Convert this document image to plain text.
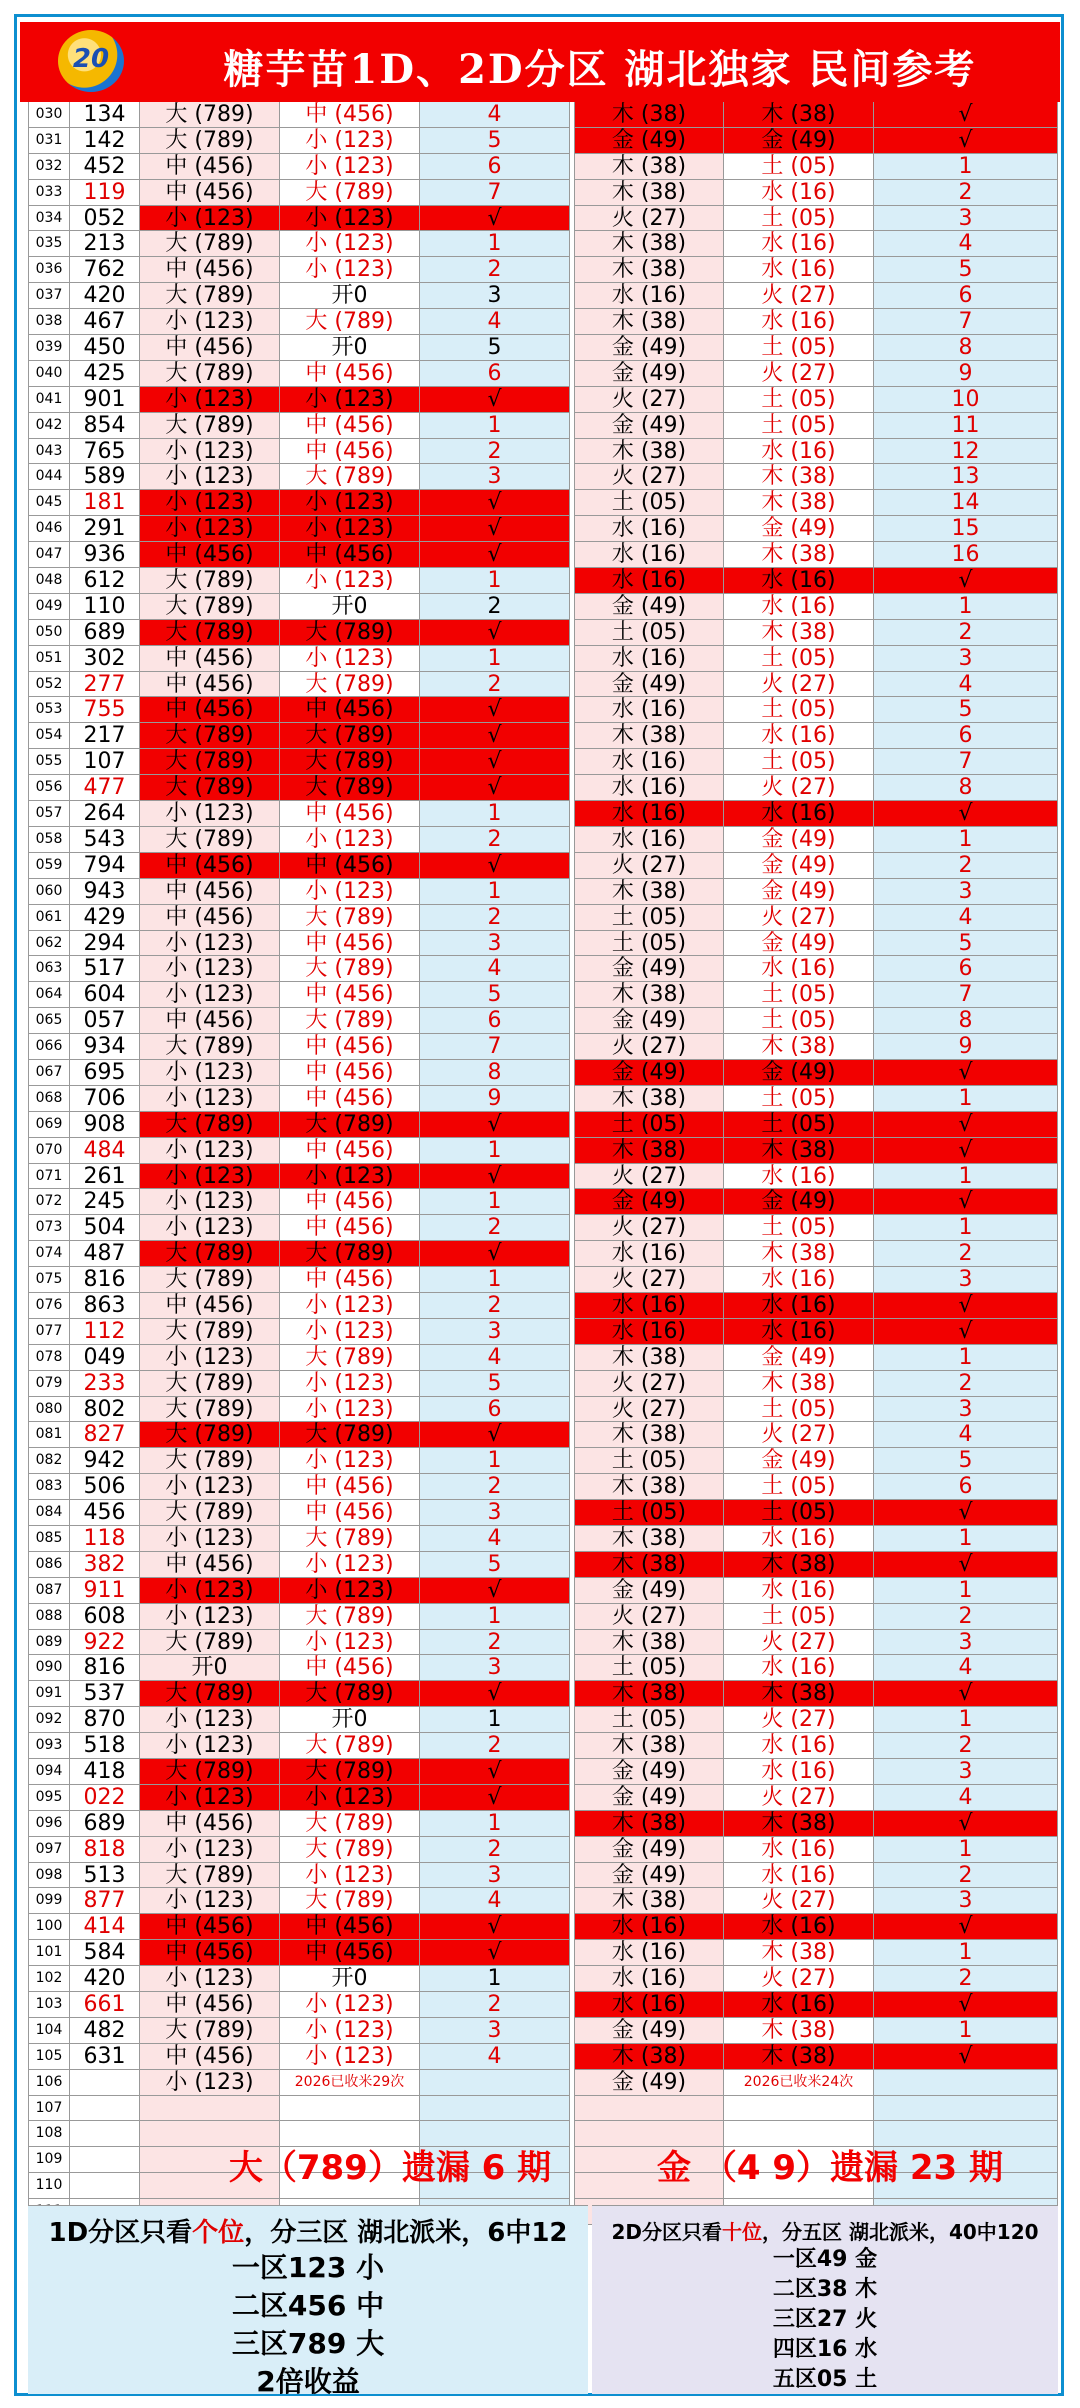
20	糖芋苗1D、2D分区 湖北独家 民间参考
030 134	大 (789)	中 (456)	4	木 (38)	木 (38)	√
031 142	大 (789)	小 (123)	5	金 (49)	金 (49)	√
032 452	中 (456)	小 (123)	6	木 (38)	土 (05)	1
033 119	中 (456)	大 (789)	7	木 (38)	水 (16)	2
034 052	小 (123)	小 (123)	√	火 (27)	土 (05)	3
035 213	大 (789)	小 (123)	1	木 (38)	水 (16)	4
036 762	中 (456)	小 (123)	2	木 (38)	水 (16)	5
037 420	大 (789)	开0	3	水 (16)	火 (27)	6
038 467	小 (123)	大 (789)	4	木 (38)	水 (16)	7
039 450	中 (456)	开0	5	金 (49)	土 (05)	8
040 425	大 (789)	中 (456)	6	金 (49)	火 (27)	9
041 901	小 (123)	小 (123)	√	火 (27)	土 (05)	10
042 854	大 (789)	中 (456)	1	金 (49)	土 (05)	11
043 765	小 (123)	中 (456)	2	木 (38)	水 (16)	12
044 589	小 (123)	大 (789)	3	火 (27)	木 (38)	13
045 181	小 (123)	小 (123)	√	土 (05)	木 (38)	14
046 291	小 (123)	小 (123)	√	水 (16)	金 (49)	15
047 936	中 (456)	中 (456)	√	水 (16)	木 (38)	16
048 612	大 (789)	小 (123)	1	水 (16)	水 (16)	√
049 110	大 (789)	开0	2	金 (49)	水 (16)	1
050 689	大 (789)	大 (789)	√	土 (05)	木 (38)	2
051 302	中 (456)	小 (123)	1	水 (16)	土 (05)	3
052 277	中 (456)	大 (789)	2	金 (49)	火 (27)	4
053 755	中 (456)	中 (456)	√	水 (16)	土 (05)	5
054 217	大 (789)	大 (789)	√	木 (38)	水 (16)	6
055 107	大 (789)	大 (789)	√	水 (16)	土 (05)	7
056 477	大 (789)	大 (789)	√	水 (16)	火 (27)	8
057 264	小 (123)	中 (456)	1	水 (16)	水 (16)	√
058 543	大 (789)	小 (123)	2	水 (16)	金 (49)	1
059 794	中 (456)	中 (456)	√	火 (27)	金 (49)	2
060 943	中 (456)	小 (123)	1	木 (38)	金 (49)	3
061 429	中 (456)	大 (789)	2	土 (05)	火 (27)	4
062 294	小 (123)	中 (456)	3	土 (05)	金 (49)	5
063 517	小 (123)	大 (789)	4	金 (49)	水 (16)	6
064 604	小 (123)	中 (456)	5	木 (38)	土 (05)	7
065 057	中 (456)	大 (789)	6	金 (49)	土 (05)	8
066 934	大 (789)	中 (456)	7	火 (27)	木 (38)	9
067 695	小 (123)	中 (456)	8	金 (49)	金 (49)	√
068 706	小 (123)	中 (456)	9	木 (38)	土 (05)	1
069 908	大 (789)	大 (789)	√	土 (05)	土 (05)	√
070 484	小 (123)	中 (456)	1	木 (38)	木 (38)	√
071 261	小 (123)	小 (123)	√	火 (27)	水 (16)	1
072 245	小 (123)	中 (456)	1	金 (49)	金 (49)	√
073 504	小 (123)	中 (456)	2	火 (27)	土 (05)	1
074 487	大 (789)	大 (789)	√	水 (16)	木 (38)	2
075 816	大 (789)	中 (456)	1	火 (27)	水 (16)	3
076 863	中 (456)	小 (123)	2	水 (16)	水 (16)	√
077 112	大 (789)	小 (123)	3	水 (16)	水 (16)	√
078 049	小 (123)	大 (789)	4	木 (38)	金 (49)	1
079 233	大 (789)	小 (123)	5	火 (27)	木 (38)	2
080 802	大 (789)	小 (123)	6	火 (27)	土 (05)	3
081 827	大 (789)	大 (789)	√	木 (38)	火 (27)	4
082 942	大 (789)	小 (123)	1	土 (05)	金 (49)	5
083 506	小 (123)	中 (456)	2	木 (38)	土 (05)	6
084 456	大 (789)	中 (456)	3	土 (05)	土 (05)	√
085 118	小 (123)	大 (789)	4	木 (38)	水 (16)	1
086 382	中 (456)	小 (123)	5	木 (38)	木 (38)	√
087 911	小 (123)	小 (123)	√	金 (49)	水 (16)	1
088 608	小 (123)	大 (789)	1	火 (27)	土 (05)	2
089 922	大 (789)	小 (123)	2	木 (38)	火 (27)	3
090 816	开0	中 (456)	3	土 (05)	水 (16)	4
091 537	大 (789)	大 (789)	√	木 (38)	木 (38)	√
092 870	小 (123)	开0	1	土 (05)	火 (27)	1
093 518	小 (123)	大 (789)	2	木 (38)	水 (16)	2
094 418	大 (789)	大 (789)	√	金 (49)	水 (16)	3
095 022	小 (123)	小 (123)	√	金 (49)	火 (27)	4
096 689	中 (456)	大 (789)	1	木 (38)	木 (38)	√
097 818	小 (123)	大 (789)	2	金 (49)	水 (16)	1
098 513	大 (789)	小 (123)	3	金 (49)	水 (16)	2
099 877	小 (123)	大 (789)	4	木 (38)	火 (27)	3
100 414	中 (456)	中 (456)	√	水 (16)	水 (16)	√
101 584	中 (456)	中 (456)	√	水 (16)	木 (38)	1
102 420	小 (123)	开0	1	水 (16)	火 (27)	2
103 661	中 (456)	小 (123)	2	水 (16)	水 (16)	√
104 482	大 (789)	小 (123)	3	金 (49)	木 (38)	1
105 631	中 (456)	小 (123)	4	木 (38)	木 (38)	√
106	小 (123)	2026已收米29次	金 (49)	2026已收米24次
107
108
109
110	大（789）遗漏 6 期	金 （4 9）遗漏 23 期
1D分区只看个位，分三区 湖北派米，6中12
一区123 小
二区456 中
三区789 大
2倍收益
2D分区只看十位，分五区 湖北派米，40中120
一区49 金
二区38 木
三区27 火
四区16 水
五区05 土
